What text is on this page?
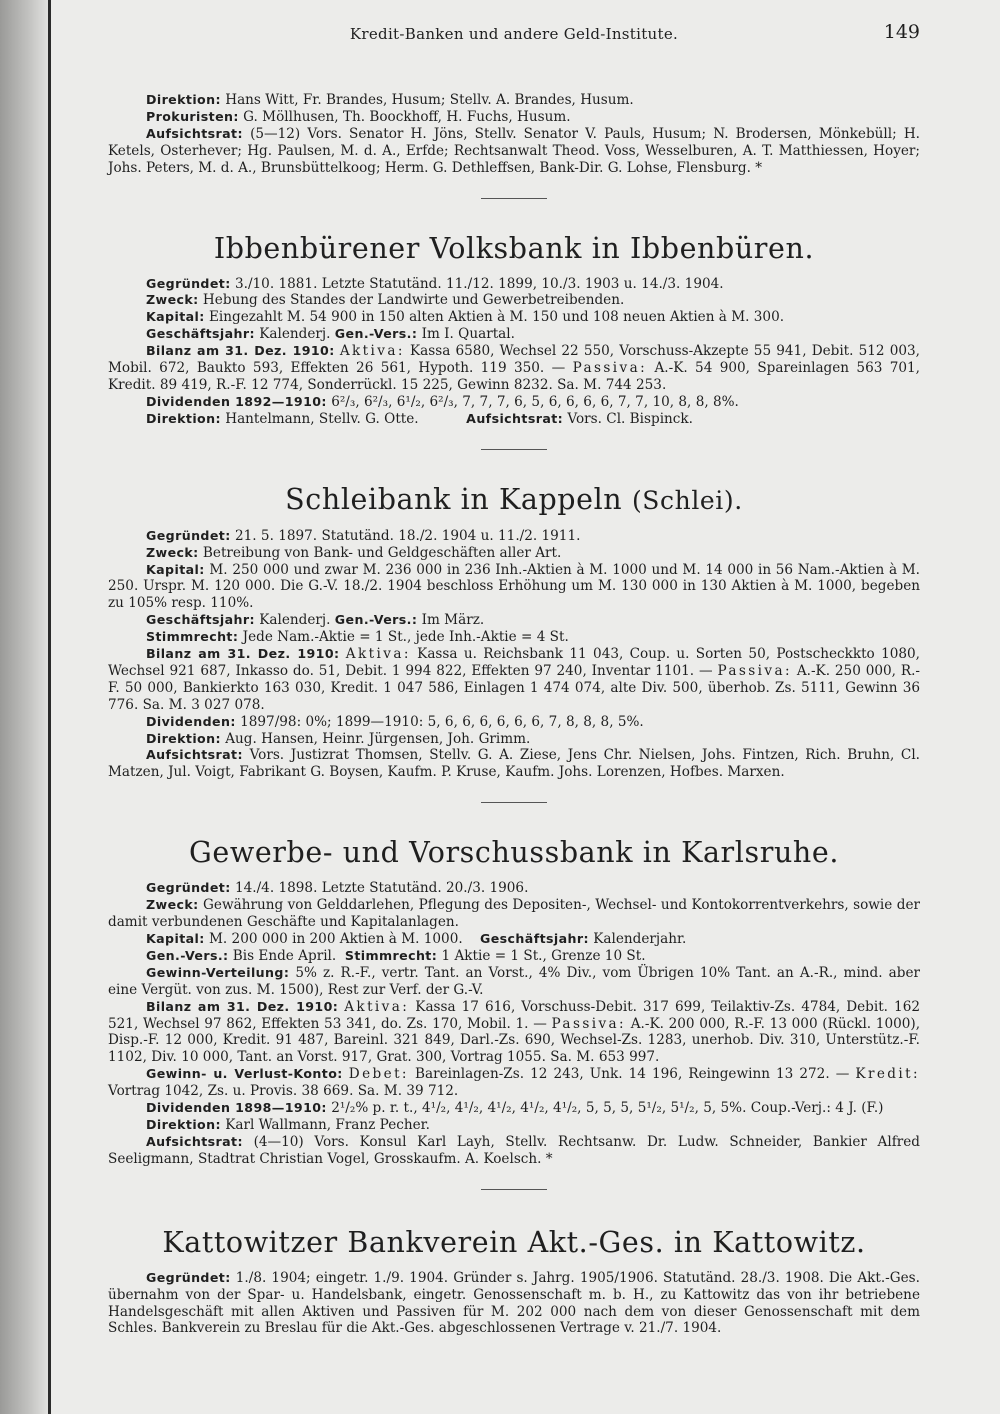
Kredit-Banken und andere Geld-Institute.	149

Direktion: Hans Witt, Fr. Brandes, Husum; Stellv. A. Brandes, Husum.

Prokuristen: G. Möllhusen, Th. Boockhoff, H. Fuchs, Husum.

Aufsichtsrat: (5—12) Vors. Senator H. Jöns, Stellv. Senator V. Pauls, Husum; N. Brodersen, Mönkebüll; H. Ketels, Osterhever; Hg. Paulsen, M. d. A., Erfde; Rechtsanwalt Theod. Voss, Wesselburen, A. T. Matthiessen, Hoyer; Johs. Peters, M. d. A., Brunsbüttelkoog; Herm. G. Dethleffsen, Bank-Dir. G. Lohse, Flensburg. *

Ibbenbürener Volksbank in Ibbenbüren.

Gegründet: 3./10. 1881. Letzte Statutänd. 11./12. 1899, 10./3. 1903 u. 14./3. 1904.

Zweck: Hebung des Standes der Landwirte und Gewerbetreibenden.

Kapital: Eingezahlt M. 54 900 in 150 alten Aktien à M. 150 und 108 neuen Aktien à M. 300.

Geschäftsjahr: Kalenderj. Gen.-Vers.: Im I. Quartal.

Bilanz am 31. Dez. 1910: Aktiva: Kassa 6580, Wechsel 22 550, Vorschuss-Akzepte 55 941, Debit. 512 003, Mobil. 672, Baukto 593, Effekten 26 561, Hypoth. 119 350. — Passiva: A.-K. 54 900, Spareinlagen 563 701, Kredit. 89 419, R.-F. 12 774, Sonderrückl. 15 225, Gewinn 8232. Sa. M. 744 253.

Dividenden 1892—1910: 6²/₃, 6²/₃, 6¹/₂, 6²/₃, 7, 7, 7, 6, 5, 6, 6, 6, 6, 7, 7, 10, 8, 8, 8%.

Direktion: Hantelmann, Stellv. G. Otte.	Aufsichtsrat: Vors. Cl. Bispinck.

Schleibank in Kappeln (Schlei).

Gegründet: 21. 5. 1897. Statutänd. 18./2. 1904 u. 11./2. 1911.

Zweck: Betreibung von Bank- und Geldgeschäften aller Art.

Kapital: M. 250 000 und zwar M. 236 000 in 236 Inh.-Aktien à M. 1000 und M. 14 000 in 56 Nam.-Aktien à M. 250. Urspr. M. 120 000. Die G.-V. 18./2. 1904 beschloss Erhöhung um M. 130 000 in 130 Aktien à M. 1000, begeben zu 105% resp. 110%.

Geschäftsjahr: Kalenderj. Gen.-Vers.: Im März.

Stimmrecht: Jede Nam.-Aktie = 1 St., jede Inh.-Aktie = 4 St.

Bilanz am 31. Dez. 1910: Aktiva: Kassa u. Reichsbank 11 043, Coup. u. Sorten 50, Postscheckkto 1080, Wechsel 921 687, Inkasso do. 51, Debit. 1 994 822, Effekten 97 240, Inventar 1101. — Passiva: A.-K. 250 000, R.-F. 50 000, Bankierkto 163 030, Kredit. 1 047 586, Einlagen 1 474 074, alte Div. 500, überhob. Zs. 5111, Gewinn 36 776. Sa. M. 3 027 078.

Dividenden: 1897/98: 0%; 1899—1910: 5, 6, 6, 6, 6, 6, 6, 7, 8, 8, 8, 5%.

Direktion: Aug. Hansen, Heinr. Jürgensen, Joh. Grimm.

Aufsichtsrat: Vors. Justizrat Thomsen, Stellv. G. A. Ziese, Jens Chr. Nielsen, Johs. Fintzen, Rich. Bruhn, Cl. Matzen, Jul. Voigt, Fabrikant G. Boysen, Kaufm. P. Kruse, Kaufm. Johs. Lorenzen, Hofbes. Marxen.

Gewerbe- und Vorschussbank in Karlsruhe.

Gegründet: 14./4. 1898. Letzte Statutänd. 20./3. 1906.

Zweck: Gewährung von Gelddarlehen, Pflegung des Depositen-, Wechsel- und Kontokorrentverkehrs, sowie der damit verbundenen Geschäfte und Kapitalanlagen.

Kapital: M. 200 000 in 200 Aktien à M. 1000. Geschäftsjahr: Kalenderjahr.

Gen.-Vers.: Bis Ende April. Stimmrecht: 1 Aktie = 1 St., Grenze 10 St.

Gewinn-Verteilung: 5% z. R.-F., vertr. Tant. an Vorst., 4% Div., vom Übrigen 10% Tant. an A.-R., mind. aber eine Vergüt. von zus. M. 1500), Rest zur Verf. der G.-V.

Bilanz am 31. Dez. 1910: Aktiva: Kassa 17 616, Vorschuss-Debit. 317 699, Teilaktiv-Zs. 4784, Debit. 162 521, Wechsel 97 862, Effekten 53 341, do. Zs. 170, Mobil. 1. — Passiva: A.-K. 200 000, R.-F. 13 000 (Rückl. 1000), Disp.-F. 12 000, Kredit. 91 487, Bareinl. 321 849, Darl.-Zs. 690, Wechsel-Zs. 1283, unerhob. Div. 310, Unterstütz.-F. 1102, Div. 10 000, Tant. an Vorst. 917, Grat. 300, Vortrag 1055. Sa. M. 653 997.

Gewinn- u. Verlust-Konto: Debet: Bareinlagen-Zs. 12 243, Unk. 14 196, Reingewinn 13 272. — Kredit: Vortrag 1042, Zs. u. Provis. 38 669. Sa. M. 39 712.

Dividenden 1898—1910: 2¹/₂% p. r. t., 4¹/₂, 4¹/₂, 4¹/₂, 4¹/₂, 4¹/₂, 5, 5, 5, 5¹/₂, 5¹/₂, 5, 5%. Coup.-Verj.: 4 J. (F.)

Direktion: Karl Wallmann, Franz Pecher.

Aufsichtsrat: (4—10) Vors. Konsul Karl Layh, Stellv. Rechtsanw. Dr. Ludw. Schneider, Bankier Alfred Seeligmann, Stadtrat Christian Vogel, Grosskaufm. A. Koelsch. *

Kattowitzer Bankverein Akt.-Ges. in Kattowitz.

Gegründet: 1./8. 1904; eingetr. 1./9. 1904. Gründer s. Jahrg. 1905/1906. Statutänd. 28./3. 1908. Die Akt.-Ges. übernahm von der Spar- u. Handelsbank, eingetr. Genossenschaft m. b. H., zu Kattowitz das von ihr betriebene Handelsgeschäft mit allen Aktiven und Passiven für M. 202 000 nach dem von dieser Genossenschaft mit dem Schles. Bankverein zu Breslau für die Akt.-Ges. abgeschlossenen Vertrage v. 21./7. 1904.
